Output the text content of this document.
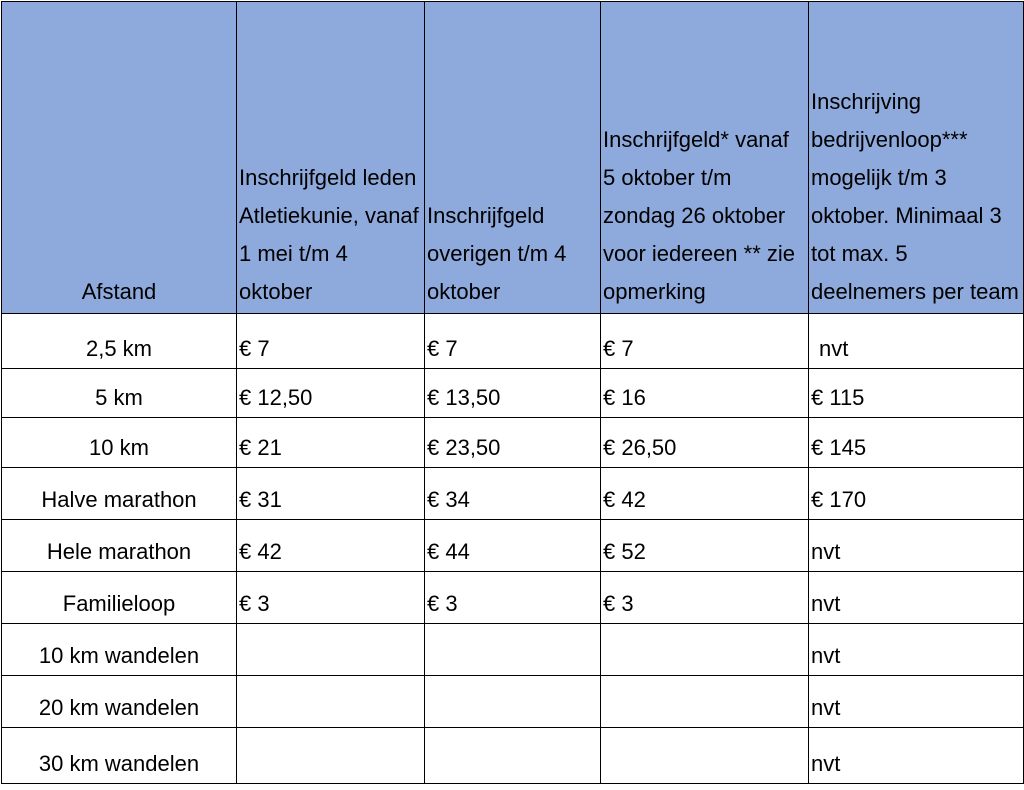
Afstand	Inschrijfgeld leden Atletiekunie, vanaf 1 mei t/m 4 oktober	Inschrijfgeld overigen t/m 4 oktober	Inschrijfgeld* vanaf 5 oktober t/m zondag 26 oktober voor iedereen ** zie opmerking	Inschrijving bedrijvenloop*** mogelijk t/m 3 oktober. Minimaal 3 tot max. 5 deelnemers per team
2,5 km	€ 7	€ 7	€ 7	nvt
5 km	€ 12,50	€ 13,50	€ 16	€ 115
10 km	€ 21	€ 23,50	€ 26,50	€ 145
Halve marathon	€ 31	€ 34	€ 42	€ 170
Hele marathon	€ 42	€ 44	€ 52	nvt
Familieloop	€ 3	€ 3	€ 3	nvt
10 km wandelen				nvt
20 km wandelen				nvt
30 km wandelen				nvt
